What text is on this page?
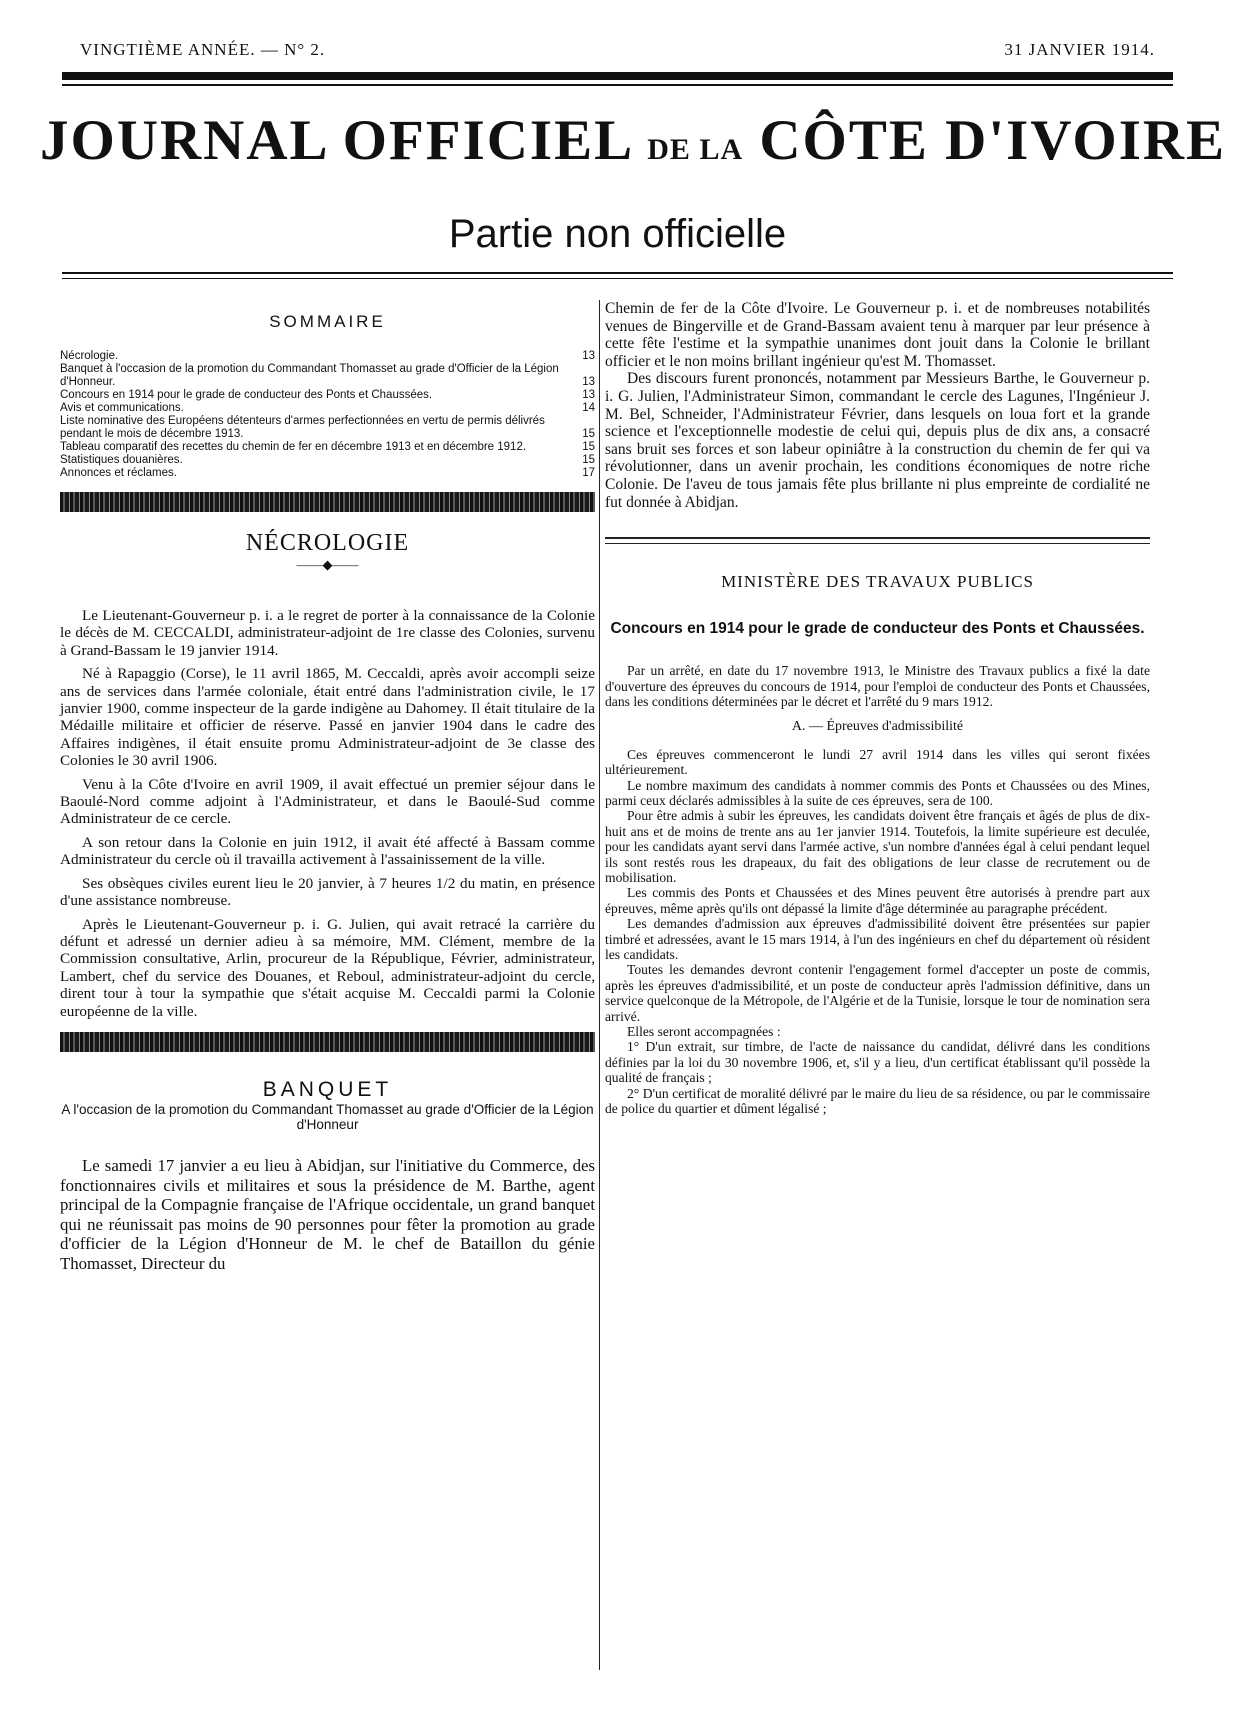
VINGTIÈME ANNÉE. — N° 2.	31 JANVIER 1914.
JOURNAL OFFICIEL DE LA CÔTE D'IVOIRE
Partie non officielle
SOMMAIRE
Nécrologie.	13
Banquet à l'occasion de la promotion du Commandant Thomasset au grade d'Officier de la Légion d'Honneur.	13
Concours en 1914 pour le grade de conducteur des Ponts et Chaussées.	13
Avis et communications.	14
Liste nominative des Européens détenteurs d'armes perfectionnées en vertu de permis délivrés pendant le mois de décembre 1913.	15
Tableau comparatif des recettes du chemin de fer en décembre 1913 et en décembre 1912.	15
Statistiques douanières.	15
Annonces et réclames.	17
NÉCROLOGIE
——◆——

Le Lieutenant-Gouverneur p. i. a le regret de porter à la connaissance de la Colonie le décès de M. CECCALDI, administrateur-adjoint de 1re classe des Colonies, survenu à Grand-Bassam le 19 janvier 1914.

Né à Rapaggio (Corse), le 11 avril 1865, M. Ceccaldi, après avoir accompli seize ans de services dans l'armée coloniale, était entré dans l'administration civile, le 17 janvier 1900, comme inspecteur de la garde indigène au Dahomey. Il était titulaire de la Médaille militaire et officier de réserve. Passé en janvier 1904 dans le cadre des Affaires indigènes, il était ensuite promu Administrateur-adjoint de 3e classe des Colonies le 30 avril 1906.

Venu à la Côte d'Ivoire en avril 1909, il avait effectué un premier séjour dans le Baoulé-Nord comme adjoint à l'Administrateur, et dans le Baoulé-Sud comme Administrateur de ce cercle.

A son retour dans la Colonie en juin 1912, il avait été affecté à Bassam comme Administrateur du cercle où il travailla activement à l'assainissement de la ville.

Ses obsèques civiles eurent lieu le 20 janvier, à 7 heures 1/2 du matin, en présence d'une assistance nombreuse.

Après le Lieutenant-Gouverneur p. i. G. Julien, qui avait retracé la carrière du défunt et adressé un dernier adieu à sa mémoire, MM. Clément, membre de la Commission consultative, Arlin, procureur de la République, Février, administrateur, Lambert, chef du service des Douanes, et Reboul, administrateur-adjoint du cercle, dirent tour à tour la sympathie que s'était acquise M. Ceccaldi parmi la Colonie européenne de la ville.

BANQUET
A l'occasion de la promotion du Commandant Thomasset au grade d'Officier de la Légion d'Honneur

Le samedi 17 janvier a eu lieu à Abidjan, sur l'initiative du Commerce, des fonctionnaires civils et militaires et sous la présidence de M. Barthe, agent principal de la Compagnie française de l'Afrique occidentale, un grand banquet qui ne réunissait pas moins de 90 personnes pour fêter la promotion au grade d'officier de la Légion d'Honneur de M. le chef de Bataillon du génie Thomasset, Directeur du

Chemin de fer de la Côte d'Ivoire. Le Gouverneur p. i. et de nombreuses notabilités venues de Bingerville et de Grand-Bassam avaient tenu à marquer par leur présence à cette fête l'estime et la sympathie unanimes dont jouit dans la Colonie le brillant officier et le non moins brillant ingénieur qu'est M. Thomasset.

Des discours furent prononcés, notamment par Messieurs Barthe, le Gouverneur p. i. G. Julien, l'Administrateur Simon, commandant le cercle des Lagunes, l'Ingénieur J. M. Bel, Schneider, l'Administrateur Février, dans lesquels on loua fort et la grande science et l'exceptionnelle modestie de celui qui, depuis plus de dix ans, a consacré sans bruit ses forces et son labeur opiniâtre à la construction du chemin de fer qui va révolutionner, dans un avenir prochain, les conditions économiques de notre riche Colonie. De l'aveu de tous jamais fête plus brillante ni plus empreinte de cordialité ne fut donnée à Abidjan.

MINISTÈRE DES TRAVAUX PUBLICS
Concours en 1914 pour le grade de conducteur des Ponts et Chaussées.

Par un arrêté, en date du 17 novembre 1913, le Ministre des Travaux publics a fixé la date d'ouverture des épreuves du concours de 1914, pour l'emploi de conducteur des Ponts et Chaussées, dans les conditions déterminées par le décret et l'arrêté du 9 mars 1912.

A. — Épreuves d'admissibilité

Ces épreuves commenceront le lundi 27 avril 1914 dans les villes qui seront fixées ultérieurement.

Le nombre maximum des candidats à nommer commis des Ponts et Chaussées ou des Mines, parmi ceux déclarés admissibles à la suite de ces épreuves, sera de 100.

Pour être admis à subir les épreuves, les candidats doivent être français et âgés de plus de dix-huit ans et de moins de trente ans au 1er janvier 1914. Toutefois, la limite supérieure est deculée, pour les candidats ayant servi dans l'armée active, s'un nombre d'années égal à celui pendant lequel ils sont restés rous les drapeaux, du fait des obligations de leur classe de recrutement ou de mobilisation.

Les commis des Ponts et Chaussées et des Mines peuvent être autorisés à prendre part aux épreuves, même après qu'ils ont dépassé la limite d'âge déterminée au paragraphe précédent.

Les demandes d'admission aux épreuves d'admissibilité doivent être présentées sur papier timbré et adressées, avant le 15 mars 1914, à l'un des ingénieurs en chef du département où résident les candidats.

Toutes les demandes devront contenir l'engagement formel d'accepter un poste de commis, après les épreuves d'admissibilité, et un poste de conducteur après l'admission définitive, dans un service quelconque de la Métropole, de l'Algérie et de la Tunisie, lorsque le tour de nomination sera arrivé.

Elles seront accompagnées :

1° D'un extrait, sur timbre, de l'acte de naissance du candidat, délivré dans les conditions définies par la loi du 30 novembre 1906, et, s'il y a lieu, d'un certificat établissant qu'il possède la qualité de français ;

2° D'un certificat de moralité délivré par le maire du lieu de sa résidence, ou par le commissaire de police du quartier et dûment légalisé ;
